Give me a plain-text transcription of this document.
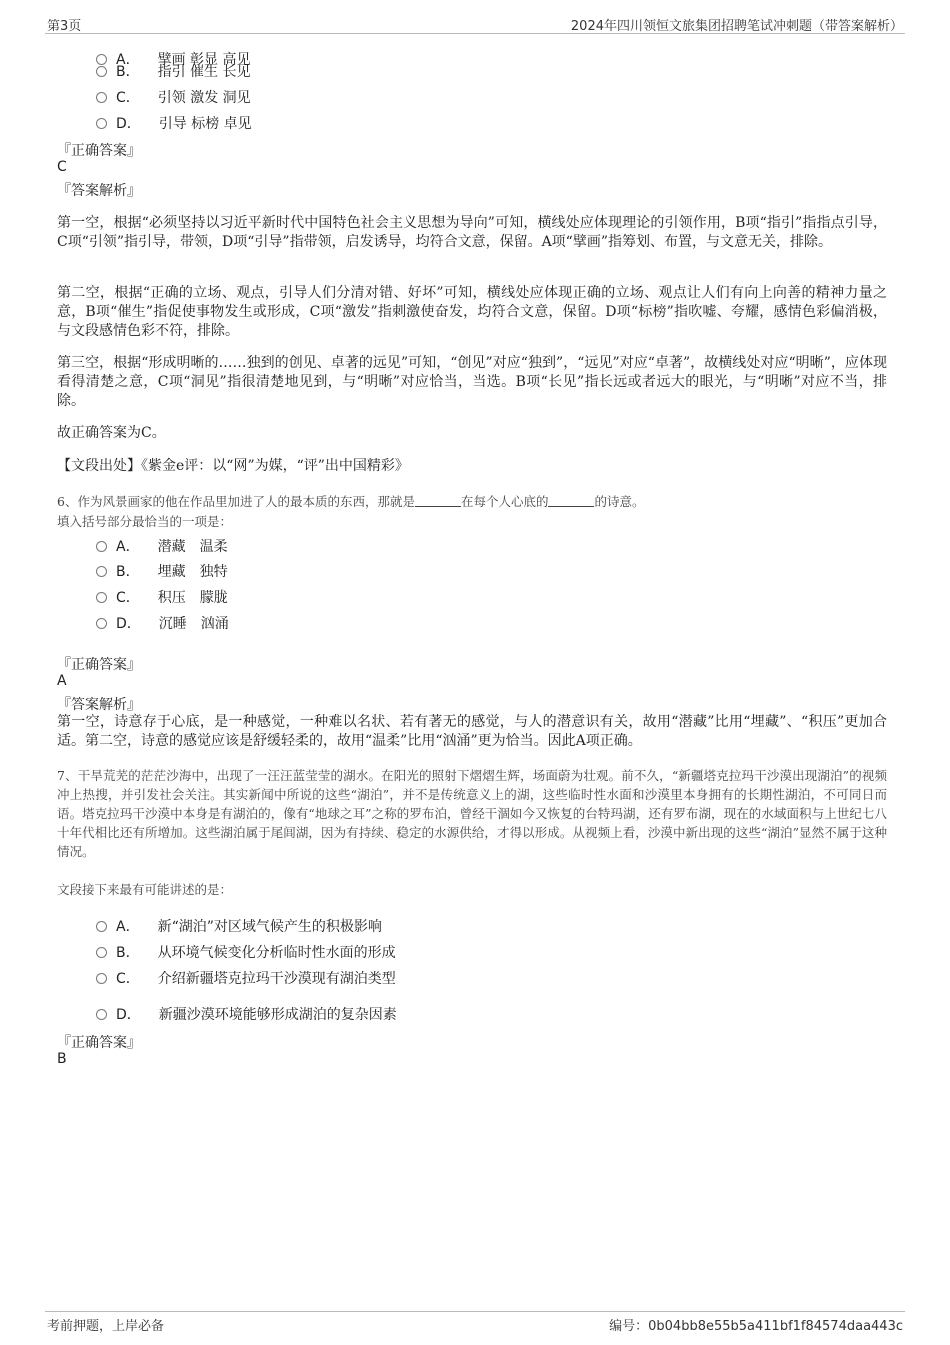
第3页	2024年四川领恒文旅集团招聘笔试冲刺题（带答案解析）
A． 擘画 彰显 高见
B． 指引 催生 长见
C． 引领 激发 洞见
D． 引导 标榜 卓见
『正确答案』
C
『答案解析』
第一空，根据“必须坚持以习近平新时代中国特色社会主义思想为导向”可知，横线处应体现理论的引领作用，B项“指引”指指点引导，C项“引领”指引导，带领，D项“引导”指带领，启发诱导，均符合文意，保留。A项“擘画”指筹划、布置，与文意无关，排除。
第二空，根据“正确的立场、观点，引导人们分清对错、好坏”可知，横线处应体现正确的立场、观点让人们有向上向善的精神力量之意，B项“催生”指促使事物发生或形成，C项“激发”指刺激使奋发，均符合文意，保留。D项“标榜”指吹嘘、夸耀，感情色彩偏消极，与文段感情色彩不符，排除。
第三空，根据“形成明晰的……独到的创见、卓著的远见”可知，“创见”对应“独到”，“远见”对应“卓著”，故横线处对应“明晰”，应体现看得清楚之意，C项“洞见”指很清楚地见到，与“明晰”对应恰当，当选。B项“长见”指长远或者远大的眼光，与“明晰”对应不当，排除。
故正确答案为C。
【文段出处】《紫金e评：以“网”为媒，“评”出中国精彩》
6、作为风景画家的他在作品里加进了人的最本质的东西，那就是	在每个人心底的	的诗意。
填入括号部分最恰当的一项是：
A． 潜藏　温柔
B． 埋藏　独特
C． 积压　朦胧
D． 沉睡　汹涌
『正确答案』
A
『答案解析』
第一空，诗意存于心底，是一种感觉，一种难以名状、若有著无的感觉，与人的潜意识有关，故用“潜藏”比用“埋藏”、“积压”更加合适。第二空，诗意的感觉应该是舒缓轻柔的，故用“温柔”比用“汹涌”更为恰当。因此A项正确。
7、干旱荒芜的茫茫沙海中，出现了一汪汪蓝莹莹的湖水。在阳光的照射下熠熠生辉，场面蔚为壮观。前不久，“新疆塔克拉玛干沙漠出现湖泊”的视频冲上热搜，并引发社会关注。其实新闻中所说的这些“湖泊”，并不是传统意义上的湖，这些临时性水面和沙漠里本身拥有的长期性湖泊，不可同日而语。塔克拉玛干沙漠中本身是有湖泊的，像有“地球之耳”之称的罗布泊，曾经干涸如今又恢复的台特玛湖，还有罗布湖，现在的水域面积与上世纪七八十年代相比还有所增加。这些湖泊属于尾闾湖，因为有持续、稳定的水源供给，才得以形成。从视频上看，沙漠中新出现的这些“湖泊”显然不属于这种情况。
文段接下来最有可能讲述的是：
A． 新“湖泊”对区域气候产生的积极影响
B． 从环境气候变化分析临时性水面的形成
C． 介绍新疆塔克拉玛干沙漠现有湖泊类型
D． 新疆沙漠环境能够形成湖泊的复杂因素
『正确答案』
B
考前押题，上岸必备	编号：0b04bb8e55b5a411bf1f84574daa443c
